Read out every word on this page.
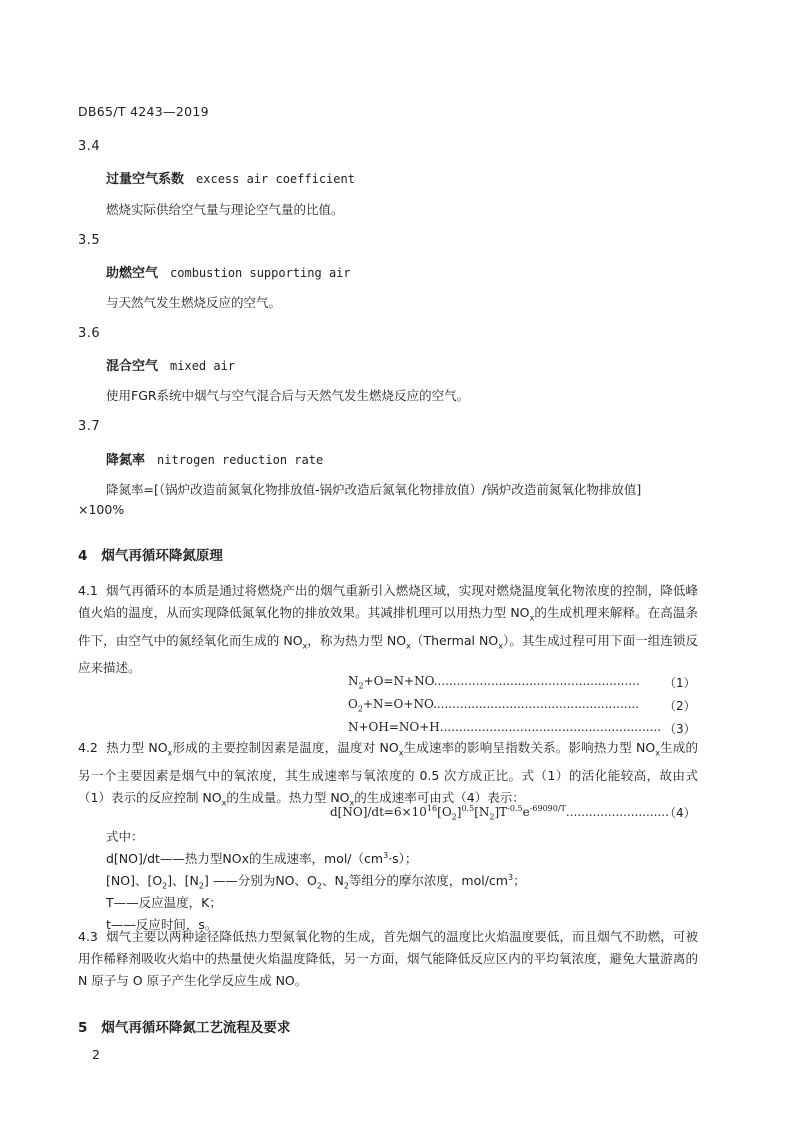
DB65/T 4243—2019
3.4
过量空气系数 excess air coefficient
燃烧实际供给空气量与理论空气量的比值。
3.5
助燃空气 combustion supporting air
与天然气发生燃烧反应的空气。
3.6
混合空气 mixed air
使用FGR系统中烟气与空气混合后与天然气发生燃烧反应的空气。
3.7
降氮率 nitrogen reduction rate
降氮率=[（锅炉改造前氮氧化物排放值-锅炉改造后氮氧化物排放值）/锅炉改造前氮氧化物排放值]
×100%
4 烟气再循环降氮原理
4.1 烟气再循环的本质是通过将燃烧产出的烟气重新引入燃烧区域，实现对燃烧温度氧化物浓度的控制，降低峰值火焰的温度，从而实现降低氮氧化物的排放效果。其减排机理可以用热力型 $NO_x$的生成机理来解释。在高温条件下，由空气中的氮经氧化而生成的 $NO_x$，称为热力型 $NO_x(Thermal$ $NO_x$）。其生成过程可用下面一组连锁反应来描述。
$N_2+O=N+NO$...................................................... （1）
$O_2+N=O+NO$...................................................... （2）
N+OH=NO+H.......................................................... （3）
4.2 热力型 $NO_x$形成的主要控制因素是温度，温度对 $NO_x$生成速率的影响呈指数关系。影响热力型 $NO_x$生成的另一个主要因素是烟气中的氧浓度，其生成速率与氧浓度的 0.5 次方成正比。式（1）的活化能较高，故由式（1）表示的反应控制 $NO_x$的生成量。热力型 $NO_x$的生成速率可由式（4）表示：
$d[NO]/dt=6\times 10^{16}[O_2]^{0.5}[N_2]T^{-0.5}e^{-69090/T}$...........................
（4）
式中：
d[NO]/dt——热力型NOx的生成速率，mol/$(cm^3\cdot s)$；
[NO]、$[O_2]$、$[N_2]$ ——分别为NO、$O_2$、$N_2$等组分的摩尔浓度，mol/$cm^3$；
T——反应温度，K；
t——反应时间，s。
4.3 烟气主要以两种途径降低热力型氮氧化物的生成，首先烟气的温度比火焰温度要低，而且烟气不助燃，可被用作稀释剂吸收火焰中的热量使火焰温度降低，另一方面，烟气能降低反应区内的平均氧浓度，避免大量游离的 N 原子与 O 原子产生化学反应生成 NO。
5 烟气再循环降氮工艺流程及要求
2
